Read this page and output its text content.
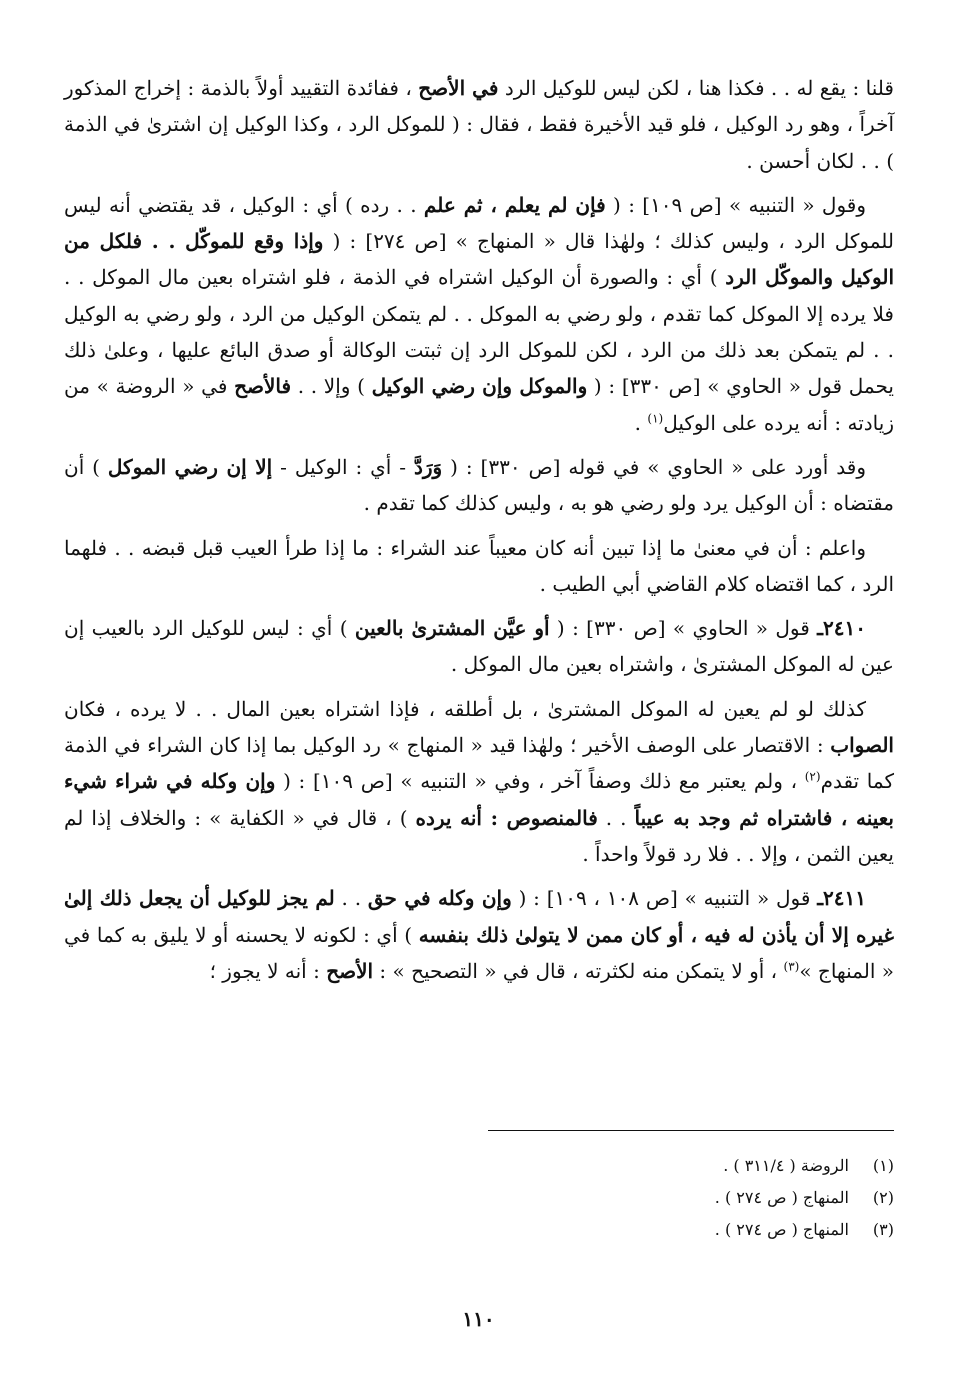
قلنا : يقع له . . فكذا هنا ، لكن ليس للوكيل الرد في الأصح ، ففائدة التقييد أولاً بالذمة : إخراج المذكور آخراً ، وهو رد الوكيل ، فلو قيد الأخيرة فقط ، فقال : ( للموكل الرد ، وكذا الوكيل إن اشترىٰ في الذمة ) . . لكان أحسن .

وقول « التنبيه » [ص ١٠٩] : ( فإن لم يعلم ، ثم علم . . رده ) أي : الوكيل ، قد يقتضي أنه ليس للموكل الرد ، وليس كذلك ؛ ولهٰذا قال « المنهاج » [ص ٢٧٤] : ( وإذا وقع للموكّل . . فلكل من الوكيل والموكّل الرد ) أي : والصورة أن الوكيل اشتراه في الذمة ، فلو اشتراه بعين مال الموكل . . فلا يرده إلا الموكل كما تقدم ، ولو رضي به الموكل . . لم يتمكن الوكيل من الرد ، ولو رضي به الوكيل . . لم يتمكن بعد ذلك من الرد ، لكن للموكل الرد إن ثبتت الوكالة أو صدق البائع عليها ، وعلىٰ ذلك يحمل قول « الحاوي » [ص ٣٣٠] : ( والموكل وإن رضي الوكيل ) وإلا . . فالأصح في « الروضة » من زيادته : أنه يرده على الوكيل$^{(١)}$ .

وقد أورد على « الحاوي » في قوله [ص ٣٣٠] : ( وَرَدَّ - أي : الوكيل - إلا إن رضي الموكل ) أن مقتضاه : أن الوكيل يرد ولو رضي هو به ، وليس كذلك كما تقدم .

واعلم : أن في معنىٰ ما إذا تبين أنه كان معيباً عند الشراء : ما إذا طرأ العيب قبل قبضه . . فلهما الرد ، كما اقتضاه كلام القاضي أبي الطيب .

٢٤١٠ـ قول « الحاوي » [ص ٣٣٠] : ( أو عيَّن المشترىٰ بالعين ) أي : ليس للوكيل الرد بالعيب إن عين له الموكل المشترىٰ ، واشتراه بعين مال الموكل .

كذلك لو لم يعين له الموكل المشترىٰ ، بل أطلقه ، فإذا اشتراه بعين المال . . لا يرده ، فكان الصواب : الاقتصار على الوصف الأخير ؛ ولهٰذا قيد « المنهاج » رد الوكيل بما إذا كان الشراء في الذمة كما تقدم$^{(٢)}$ ، ولم يعتبر مع ذلك وصفاً آخر ، وفي « التنبيه » [ص ١٠٩] : ( وإن وكله في شراء شيء بعينه ، فاشتراه ثم وجد به عيباً . . فالمنصوص : أنه يرده ) ، قال في « الكفاية » : والخلاف إذا لم يعين الثمن ، وإلا . . فلا رد قولاً واحداً .

٢٤١١ـ قول « التنبيه » [ص ١٠٨ ، ١٠٩] : ( وإن وكله في حق . . لم يجز للوكيل أن يجعل ذلك إلىٰ غيره إلا أن يأذن له فيه ، أو كان ممن لا يتولىٰ ذلك بنفسه ) أي : لكونه لا يحسنه أو لا يليق به كما في « المنهاج »$^{(٣)}$ ، أو لا يتمكن منه لكثرته ، قال في « التصحيح » : الأصح : أنه لا يجوز ؛

(١) الروضة ( ٣١١/٤ ) .

(٢) المنهاج ( ص ٢٧٤ ) .

(٣) المنهاج ( ص ٢٧٤ ) .

١١٠
